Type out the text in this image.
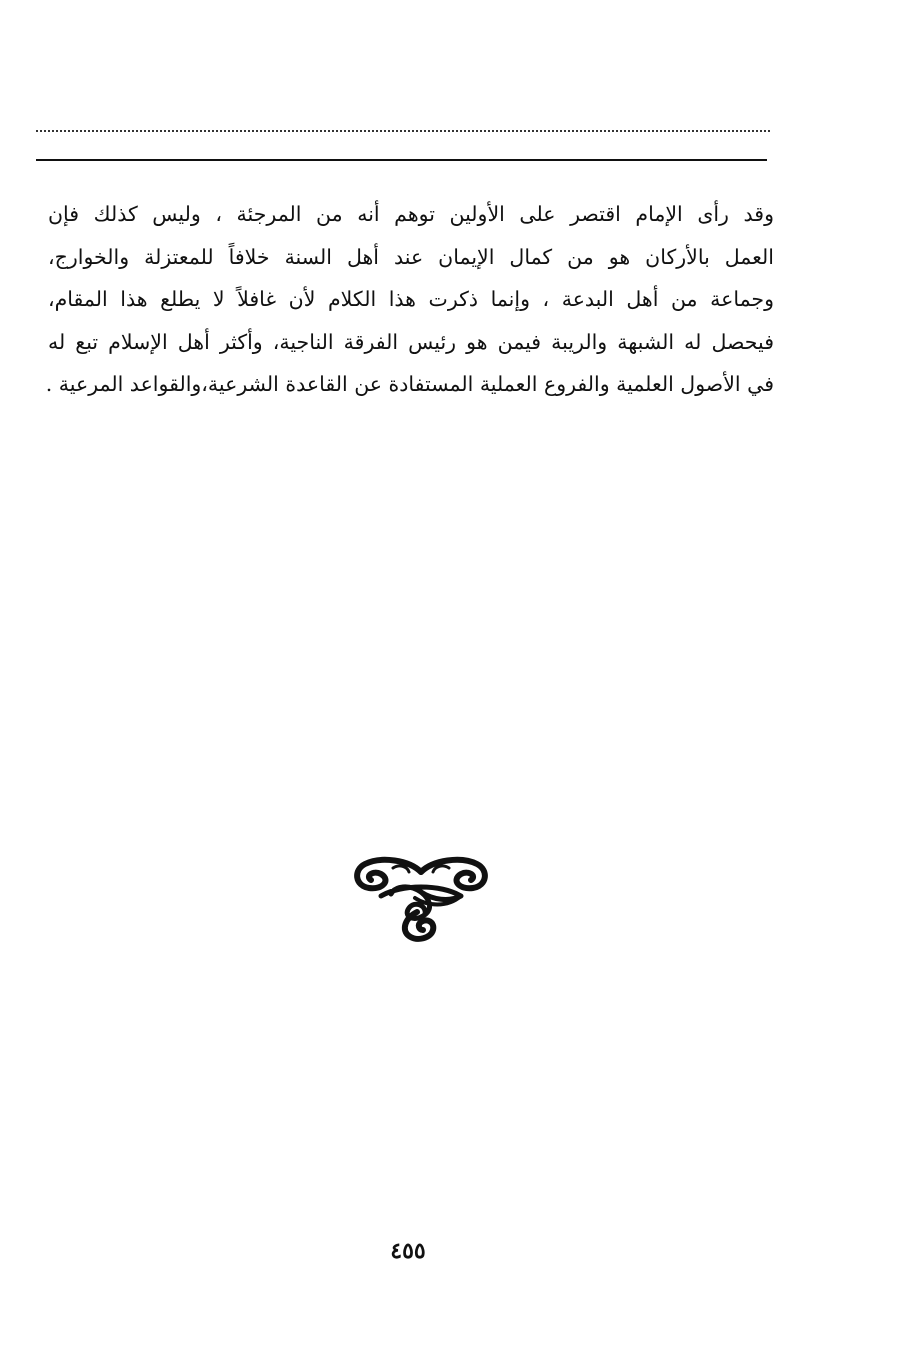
وقد رأى الإمام اقتصر على الأولين توهم أنه من المرجئة ، وليس كذلك فإن
العمل بالأركان هو من كمال الإيمان عند أهل السنة خلافاً للمعتزلة والخوارج،
وجماعة من أهل البدعة ، وإنما ذكرت هذا الكلام لأن غافلاً لا يطلع هذا المقام،
فيحصل له الشبهة والريبة فيمن هو رئيس الفرقة الناجية، وأكثر أهل الإسلام تبع له
في الأصول العلمية والفروع العملية المستفادة عن القاعدة الشرعية،والقواعد المرعية .
٤٥٥
